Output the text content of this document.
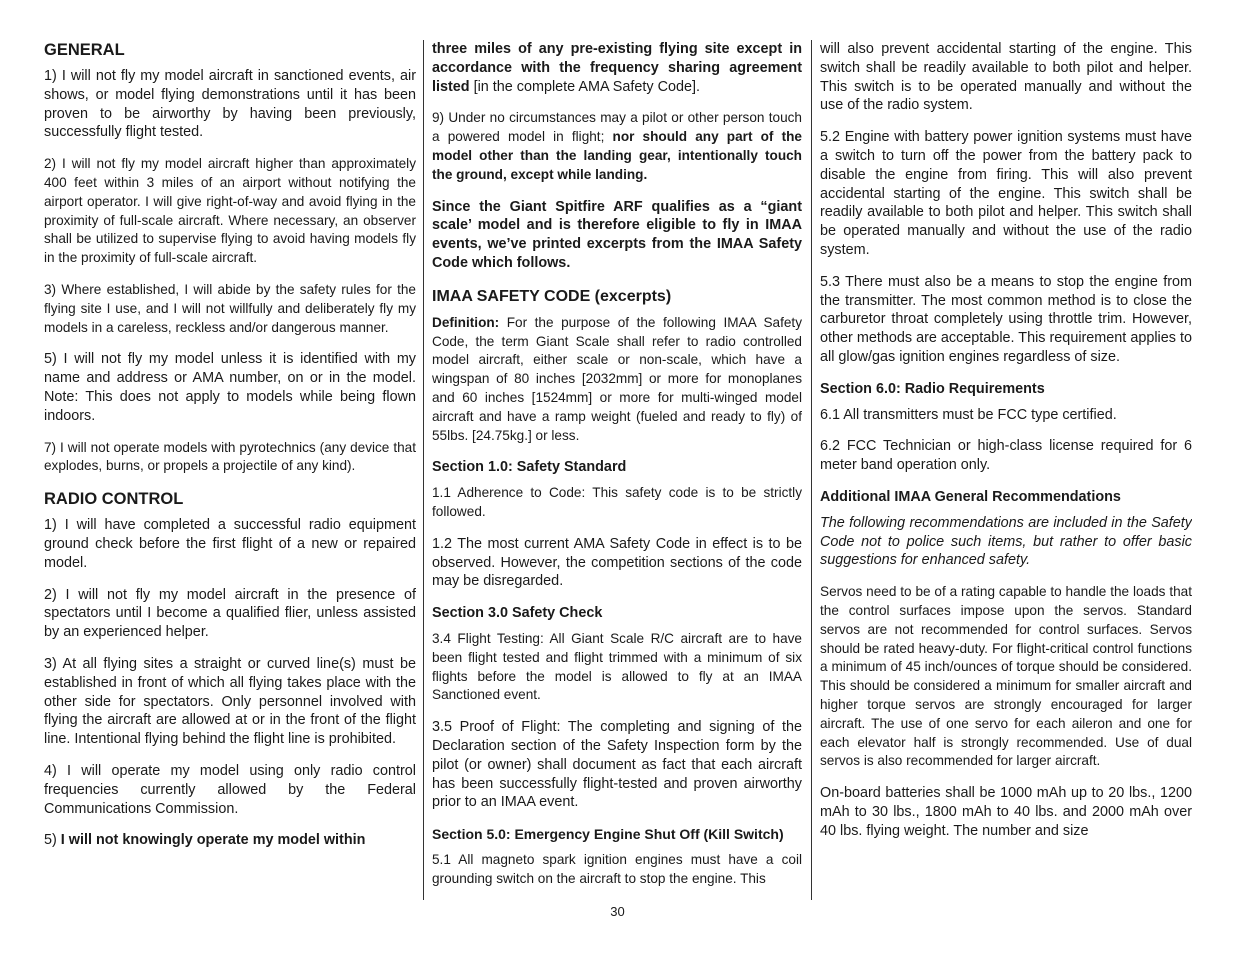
GENERAL

1) I will not fly my model aircraft in sanctioned events, air shows, or model flying demonstrations until it has been proven to be airworthy by having been previously, successfully flight tested.

2) I will not fly my model aircraft higher than approximately 400 feet within 3 miles of an airport without notifying the airport operator. I will give right-of-way and avoid flying in the proximity of full-scale aircraft. Where necessary, an observer shall be utilized to supervise flying to avoid having models fly in the proximity of full-scale aircraft.

3) Where established, I will abide by the safety rules for the flying site I use, and I will not willfully and deliberately fly my models in a careless, reckless and/or dangerous manner.

5) I will not fly my model unless it is identified with my name and address or AMA number, on or in the model. Note: This does not apply to models while being flown indoors.

7) I will not operate models with pyrotechnics (any device that explodes, burns, or propels a projectile of any kind).

RADIO CONTROL

1) I will have completed a successful radio equipment ground check before the first flight of a new or repaired model.

2) I will not fly my model aircraft in the presence of spectators until I become a qualified flier, unless assisted by an experienced helper.

3) At all flying sites a straight or curved line(s) must be established in front of which all flying takes place with the other side for spectators. Only personnel involved with flying the aircraft are allowed at or in the front of the flight line. Intentional flying behind the flight line is prohibited.

4) I will operate my model using only radio control frequencies currently allowed by the Federal Communications Commission.

5) I will not knowingly operate my model within

three miles of any pre-existing flying site except in accordance with the frequency sharing agreement listed [in the complete AMA Safety Code].

9) Under no circumstances may a pilot or other person touch a powered model in flight; nor should any part of the model other than the landing gear, intentionally touch the ground, except while landing.

Since the Giant Spitfire ARF qualifies as a “giant scale’ model and is therefore eligible to fly in IMAA events, we’ve printed excerpts from the IMAA Safety Code which follows.

IMAA SAFETY CODE (excerpts)

Definition: For the purpose of the following IMAA Safety Code, the term Giant Scale shall refer to radio controlled model aircraft, either scale or non-scale, which have a wingspan of 80 inches [2032mm] or more for monoplanes and 60 inches [1524mm] or more for multi-winged model aircraft and have a ramp weight (fueled and ready to fly) of 55lbs. [24.75kg.] or less.

Section 1.0: Safety Standard

1.1 Adherence to Code: This safety code is to be strictly followed.

1.2 The most current AMA Safety Code in effect is to be observed. However, the competition sections of the code may be disregarded.

Section 3.0 Safety Check

3.4 Flight Testing: All Giant Scale R/C aircraft are to have been flight tested and flight trimmed with a minimum of six flights before the model is allowed to fly at an IMAA Sanctioned event.

3.5 Proof of Flight: The completing and signing of the Declaration section of the Safety Inspection form by the pilot (or owner) shall document as fact that each aircraft has been successfully flight-tested and proven airworthy prior to an IMAA event.

Section 5.0: Emergency Engine Shut Off (Kill Switch)

5.1 All magneto spark ignition engines must have a coil grounding switch on the aircraft to stop the engine. This

will also prevent accidental starting of the engine. This switch shall be readily available to both pilot and helper. This switch is to be operated manually and without the use of the radio system.

5.2 Engine with battery power ignition systems must have a switch to turn off the power from the battery pack to disable the engine from firing. This will also prevent accidental starting of the engine. This switch shall be readily available to both pilot and helper. This switch shall be operated manually and without the use of the radio system.

5.3 There must also be a means to stop the engine from the transmitter. The most common method is to close the carburetor throat completely using throttle trim. However, other methods are acceptable. This requirement applies to all glow/gas ignition engines regardless of size.

Section 6.0: Radio Requirements

6.1 All transmitters must be FCC type certified.

6.2 FCC Technician or high-class license required for 6 meter band operation only.

Additional IMAA General Recommendations

The following recommendations are included in the Safety Code not to police such items, but rather to offer basic suggestions for enhanced safety.

Servos need to be of a rating capable to handle the loads that the control surfaces impose upon the servos. Standard servos are not recommended for control surfaces. Servos should be rated heavy-duty. For flight-critical control functions a minimum of 45 inch/ounces of torque should be considered. This should be considered a minimum for smaller aircraft and higher torque servos are strongly encouraged for larger aircraft. The use of one servo for each aileron and one for each elevator half is strongly recommended. Use of dual servos is also recommended for larger aircraft.

On-board batteries shall be 1000 mAh up to 20 lbs., 1200 mAh to 30 lbs., 1800 mAh to 40 lbs. and 2000 mAh over 40 lbs. flying weight. The number and size

30
